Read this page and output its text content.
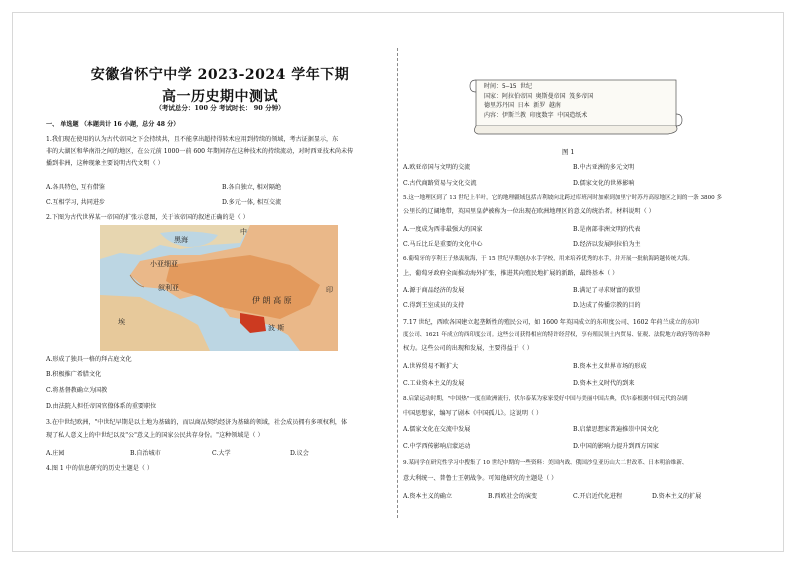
安徽省怀宁中学 2023-2024 学年下期
高一历史期中测试
（考试总分：100 分 考试时长： 90 分钟）
一、 单选题 （本题共计 16 小题，总分 48 分）
1.我们现在使用的认为古代帝国之下会持续共，且不能拿出超持得转术应用到持续的领域，考古证据显示，东
非的大湖区和华南沿之间的地区，在公元前 1000一前 600 年期间存在这种技术的持续流动，对时西亚技术尚未传
播到非洲，这种现象主要说明古代文明（ ）
A.各具特色, 互有借鉴	B.各自独立, 相对隔绝
C.互相学习, 共同进步	D.多元一体, 相互交流
2.下图为古代世界某一帝国的扩张示意图，关于该帝国的叙述正确的是（ ）
中
黑海
小亚细亚
叙利亚
埃
伊 朗 高 原
波 斯
印
A.形成了独具一格的拜占庭文化
B.积极推广希腊文化
C.将基督教确立为国教
D.由法院人担任帝国官僚体系的重要职位
3.在中世纪欧洲，"中世纪早期是以土地为基础的，而以商品契约经济为基础的领域，社会成员拥有多项权利，体
现了私人意义上的中世纪以及"公"意义上的国家公民共存身份。"这种领域是（ ）
A.庄园	B.自治城市	C.大学	D.议会
4.图 1 中的信息研究的历史主题是（ ）
时间：5—15 世纪
国家：阿拉伯帝国 奥斯曼帝国 笈多帝国
德里苏丹国 日本 新罗 越南
内容：伊斯兰教 印度数字 中国造纸术
图 1
A.欧亚帝国与文明的交流	B.中古亚洲的多元文明
C.古代商路贸易与文化交流	D.儒家文化的世界影响
5.这一地理区到了 13 世纪上半叶，它的地理疆域包括吉利坡向北跨过库班河时加索到加里宁时苏丹高原地区之间的一条 3800 多
公里长的辽阔地带，英国里皇萨被称为一位出现在欧洲地理区的意义的统治者。材料说明（ ）
A.一度成为西非最强大的国家	B.是南部非洲文明的代表
C.马丘比丘是重要的文化中心	D.经济以发展阿拉伯为主
6.葡萄牙的亨利王子热衷航海，于 15 世纪早期创办水手学校，用来培养优秀的水手，并开展一批航海跨越传统大海。
上，葡萄牙政府全面推动海外扩张，推进其向殖民地扩展的新路，最终基本（ ）
A.源于商品经济的发展	B.满足了寻求财富的欲望
C.得到王室成员的支持	D.达成了传播宗教的目的
7.17 世纪，西欧各国建立起垄断性的殖民公司，如 1600 年英国成立的东印度公司、1602 年荷兰成立的东印
度公司、1621 年成立的西印度公司。这些公司获得相应的特许经营权，享有殖民领土内贸易、征税、法院地方政府等的各种
权力。这些公司的出现和发展，主要得益于（ ）
A.世界贸易不断扩大	B.资本主义世界市场的形成
C.工业资本主义的发展	D.资本主义时代的到来
8.启蒙运动时期，"中国热"一度在欧洲流行，伏尔泰某为家家爱好中国与美丽中国古典，伏尔泰根据中国元代的杂剧
中国思想家，编写了剧本《中国孤儿》。这说明（ ）
A.儒家文化在交流中发展	B.启蒙思想家普遍推崇中国文化
C.中学西传影响启蒙运动	D.中国的影响力提升到西方国家
9.某同学在研究性学习中搜集了 10 世纪中期的一些资料：美国内战、俄国沙皇亚历山大二世改革、日本明治维新、
意大利统一、普鲁士王朝战争。可知他研究的主题是（ ）
A.资本主义的确立	B.西欧社会的演变	C.开启近代化进程	D.资本主义的扩展
